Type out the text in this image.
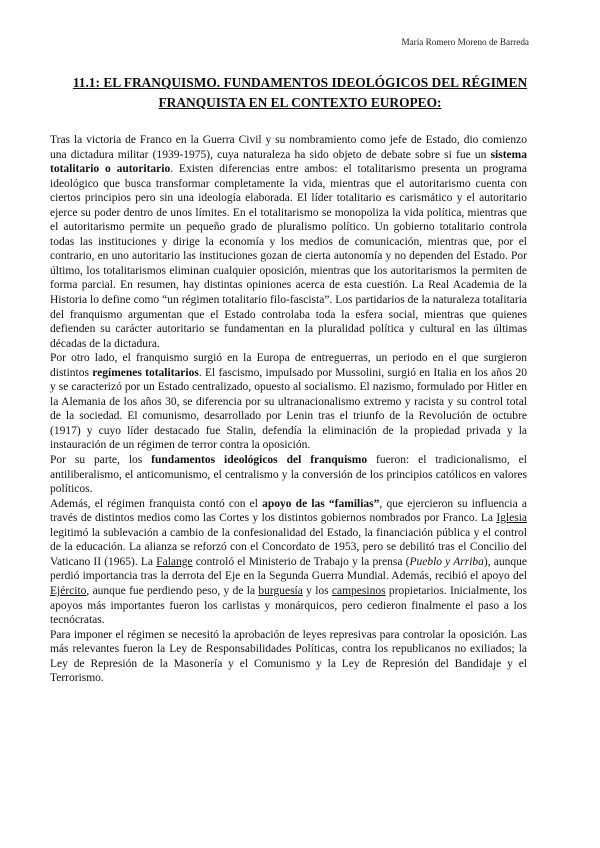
María Romero Moreno de Barreda
11.1: EL FRANQUISMO. FUNDAMENTOS IDEOLÓGICOS DEL RÉGIMEN FRANQUISTA EN EL CONTEXTO EUROPEO:

Tras la victoria de Franco en la Guerra Civil y su nombramiento como jefe de Estado, dio comienzo una dictadura militar (1939-1975), cuya naturaleza ha sido objeto de debate sobre si fue un sistema totalitario o autoritario. Existen diferencias entre ambos: el totalitarismo presenta un programa ideológico que busca transformar completamente la vida, mientras que el autoritarismo cuenta con ciertos principios pero sin una ideología elaborada. El líder totalitario es carismático y el autoritario ejerce su poder dentro de unos límites. En el totalitarismo se monopoliza la vida política, mientras que el autoritarismo permite un pequeño grado de pluralismo político. Un gobierno totalitario controla todas las instituciones y dirige la economía y los medios de comunicación, mientras que, por el contrario, en uno autoritario las instituciones gozan de cierta autonomía y no dependen del Estado. Por último, los totalitarismos eliminan cualquier oposición, mientras que los autoritarismos la permiten de forma parcial. En resumen, hay distintas opiniones acerca de esta cuestión. La Real Academia de la Historia lo define como “un régimen totalitario filo-fascista”. Los partidarios de la naturaleza totalitaria del franquismo argumentan que el Estado controlaba toda la esfera social, mientras que quienes defienden su carácter autoritario se fundamentan en la pluralidad política y cultural en las últimas décadas de la dictadura.

Por otro lado, el franquismo surgió en la Europa de entreguerras, un periodo en el que surgieron distintos regímenes totalitarios. El fascismo, impulsado por Mussolini, surgió en Italia en los años 20 y se caracterizó por un Estado centralizado, opuesto al socialismo. El nazismo, formulado por Hitler en la Alemania de los años 30, se diferencia por su ultranacionalismo extremo y racista y su control total de la sociedad. El comunismo, desarrollado por Lenin tras el triunfo de la Revolución de octubre (1917) y cuyo líder destacado fue Stalin, defendía la eliminación de la propiedad privada y la instauración de un régimen de terror contra la oposición.

Por su parte, los fundamentos ideológicos del franquismo fueron: el tradicionalismo, el antiliberalismo, el anticomunismo, el centralismo y la conversión de los principios católicos en valores políticos.

Además, el régimen franquista contó con el apoyo de las “familias”, que ejercieron su influencia a través de distintos medios como las Cortes y los distintos gobiernos nombrados por Franco. La Iglesia legitimó la sublevación a cambio de la confesionalidad del Estado, la financiación pública y el control de la educación. La alianza se reforzó con el Concordato de 1953, pero se debilitó tras el Concilio del Vaticano II (1965). La Falange controló el Ministerio de Trabajo y la prensa (Pueblo y Arriba), aunque perdió importancia tras la derrota del Eje en la Segunda Guerra Mundial. Además, recibió el apoyo del Ejército, aunque fue perdiendo peso, y de la burguesía y los campesinos propietarios. Inicialmente, los apoyos más importantes fueron los carlistas y monárquicos, pero cedieron finalmente el paso a los tecnócratas.

Para imponer el régimen se necesitó la aprobación de leyes represivas para controlar la oposición. Las más relevantes fueron la Ley de Responsabilidades Políticas, contra los republicanos no exiliados; la Ley de Represión de la Masonería y el Comunismo y la Ley de Represión del Bandidaje y el Terrorismo.
